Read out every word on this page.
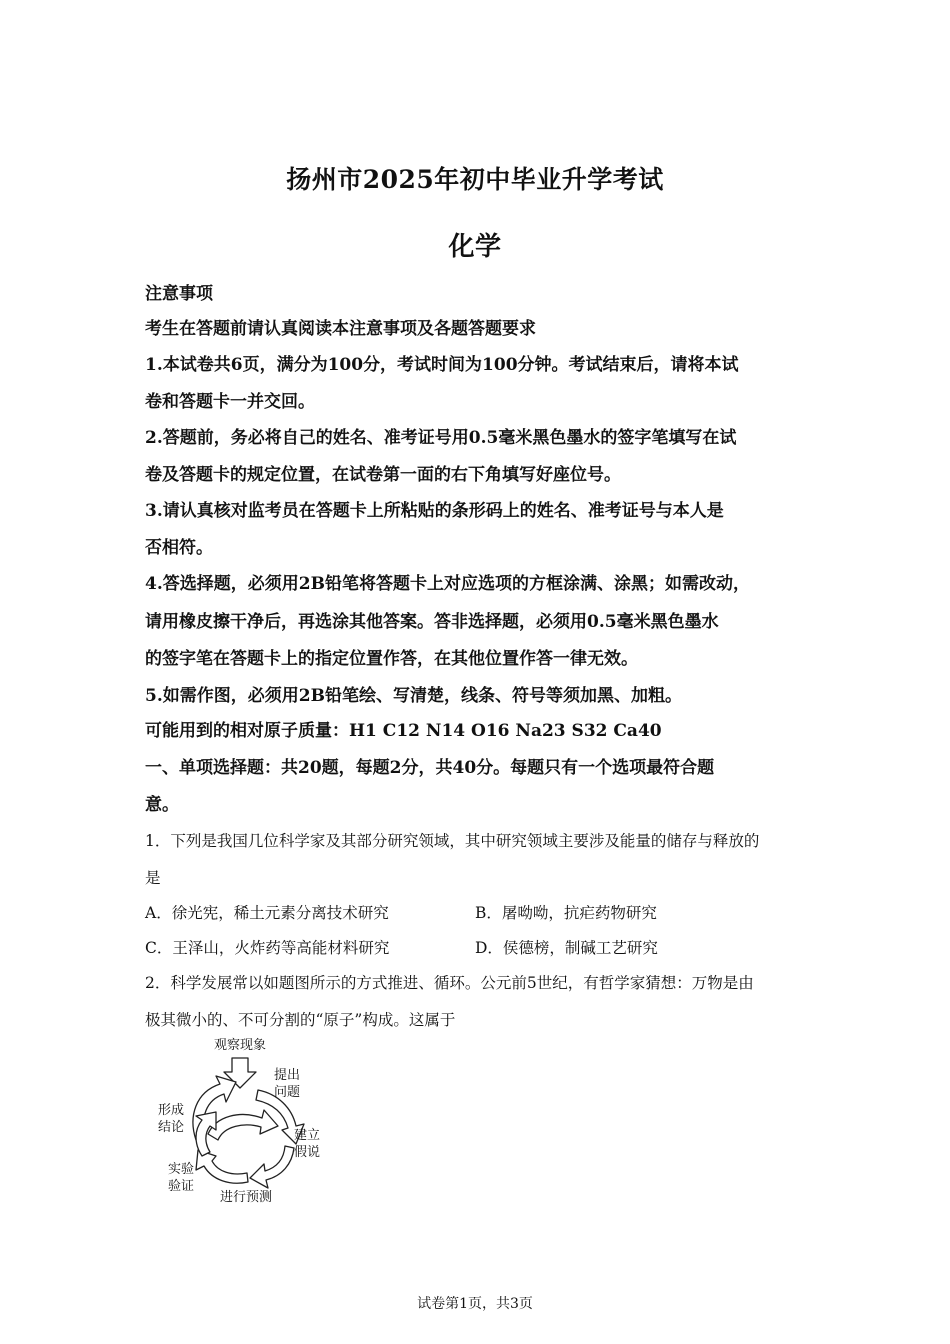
扬州市2025年初中毕业升学考试
化学
注意事项
考生在答题前请认真阅读本注意事项及各题答题要求
1.本试卷共6页，满分为100分，考试时间为100分钟。考试结束后，请将本试
卷和答题卡一并交回。
2.答题前，务必将自己的姓名、准考证号用0.5毫米黑色墨水的签字笔填写在试
卷及答题卡的规定位置，在试卷第一面的右下角填写好座位号。
3.请认真核对监考员在答题卡上所粘贴的条形码上的姓名、准考证号与本人是
否相符。
4.答选择题，必须用2B铅笔将答题卡上对应选项的方框涂满、涂黑；如需改动，
请用橡皮擦干净后，再选涂其他答案。答非选择题，必须用0.5毫米黑色墨水
的签字笔在答题卡上的指定位置作答，在其他位置作答一律无效。
5.如需作图，必须用2B铅笔绘、写清楚，线条、符号等须加黑、加粗。
可能用到的相对原子质量：H1 C12 N14 O16 Na23 S32 Ca40
一、单项选择题：共20题，每题2分，共40分。每题只有一个选项最符合题
意。
1．下列是我国几位科学家及其部分研究领域，其中研究领域主要涉及能量的储存与释放的
是
A．徐光宪，稀土元素分离技术研究	B．屠呦呦，抗疟药物研究
C．王泽山，火炸药等高能材料研究	D．侯德榜，制碱工艺研究
2．科学发展常以如题图所示的方式推进、循环。公元前5世纪，有哲学家猜想：万物是由
极其微小的、不可分割的“原子”构成。这属于
观察现象
提出
问题
建立
假说
进行预测
实验
验证
形成
结论
试卷第1页，共3页
